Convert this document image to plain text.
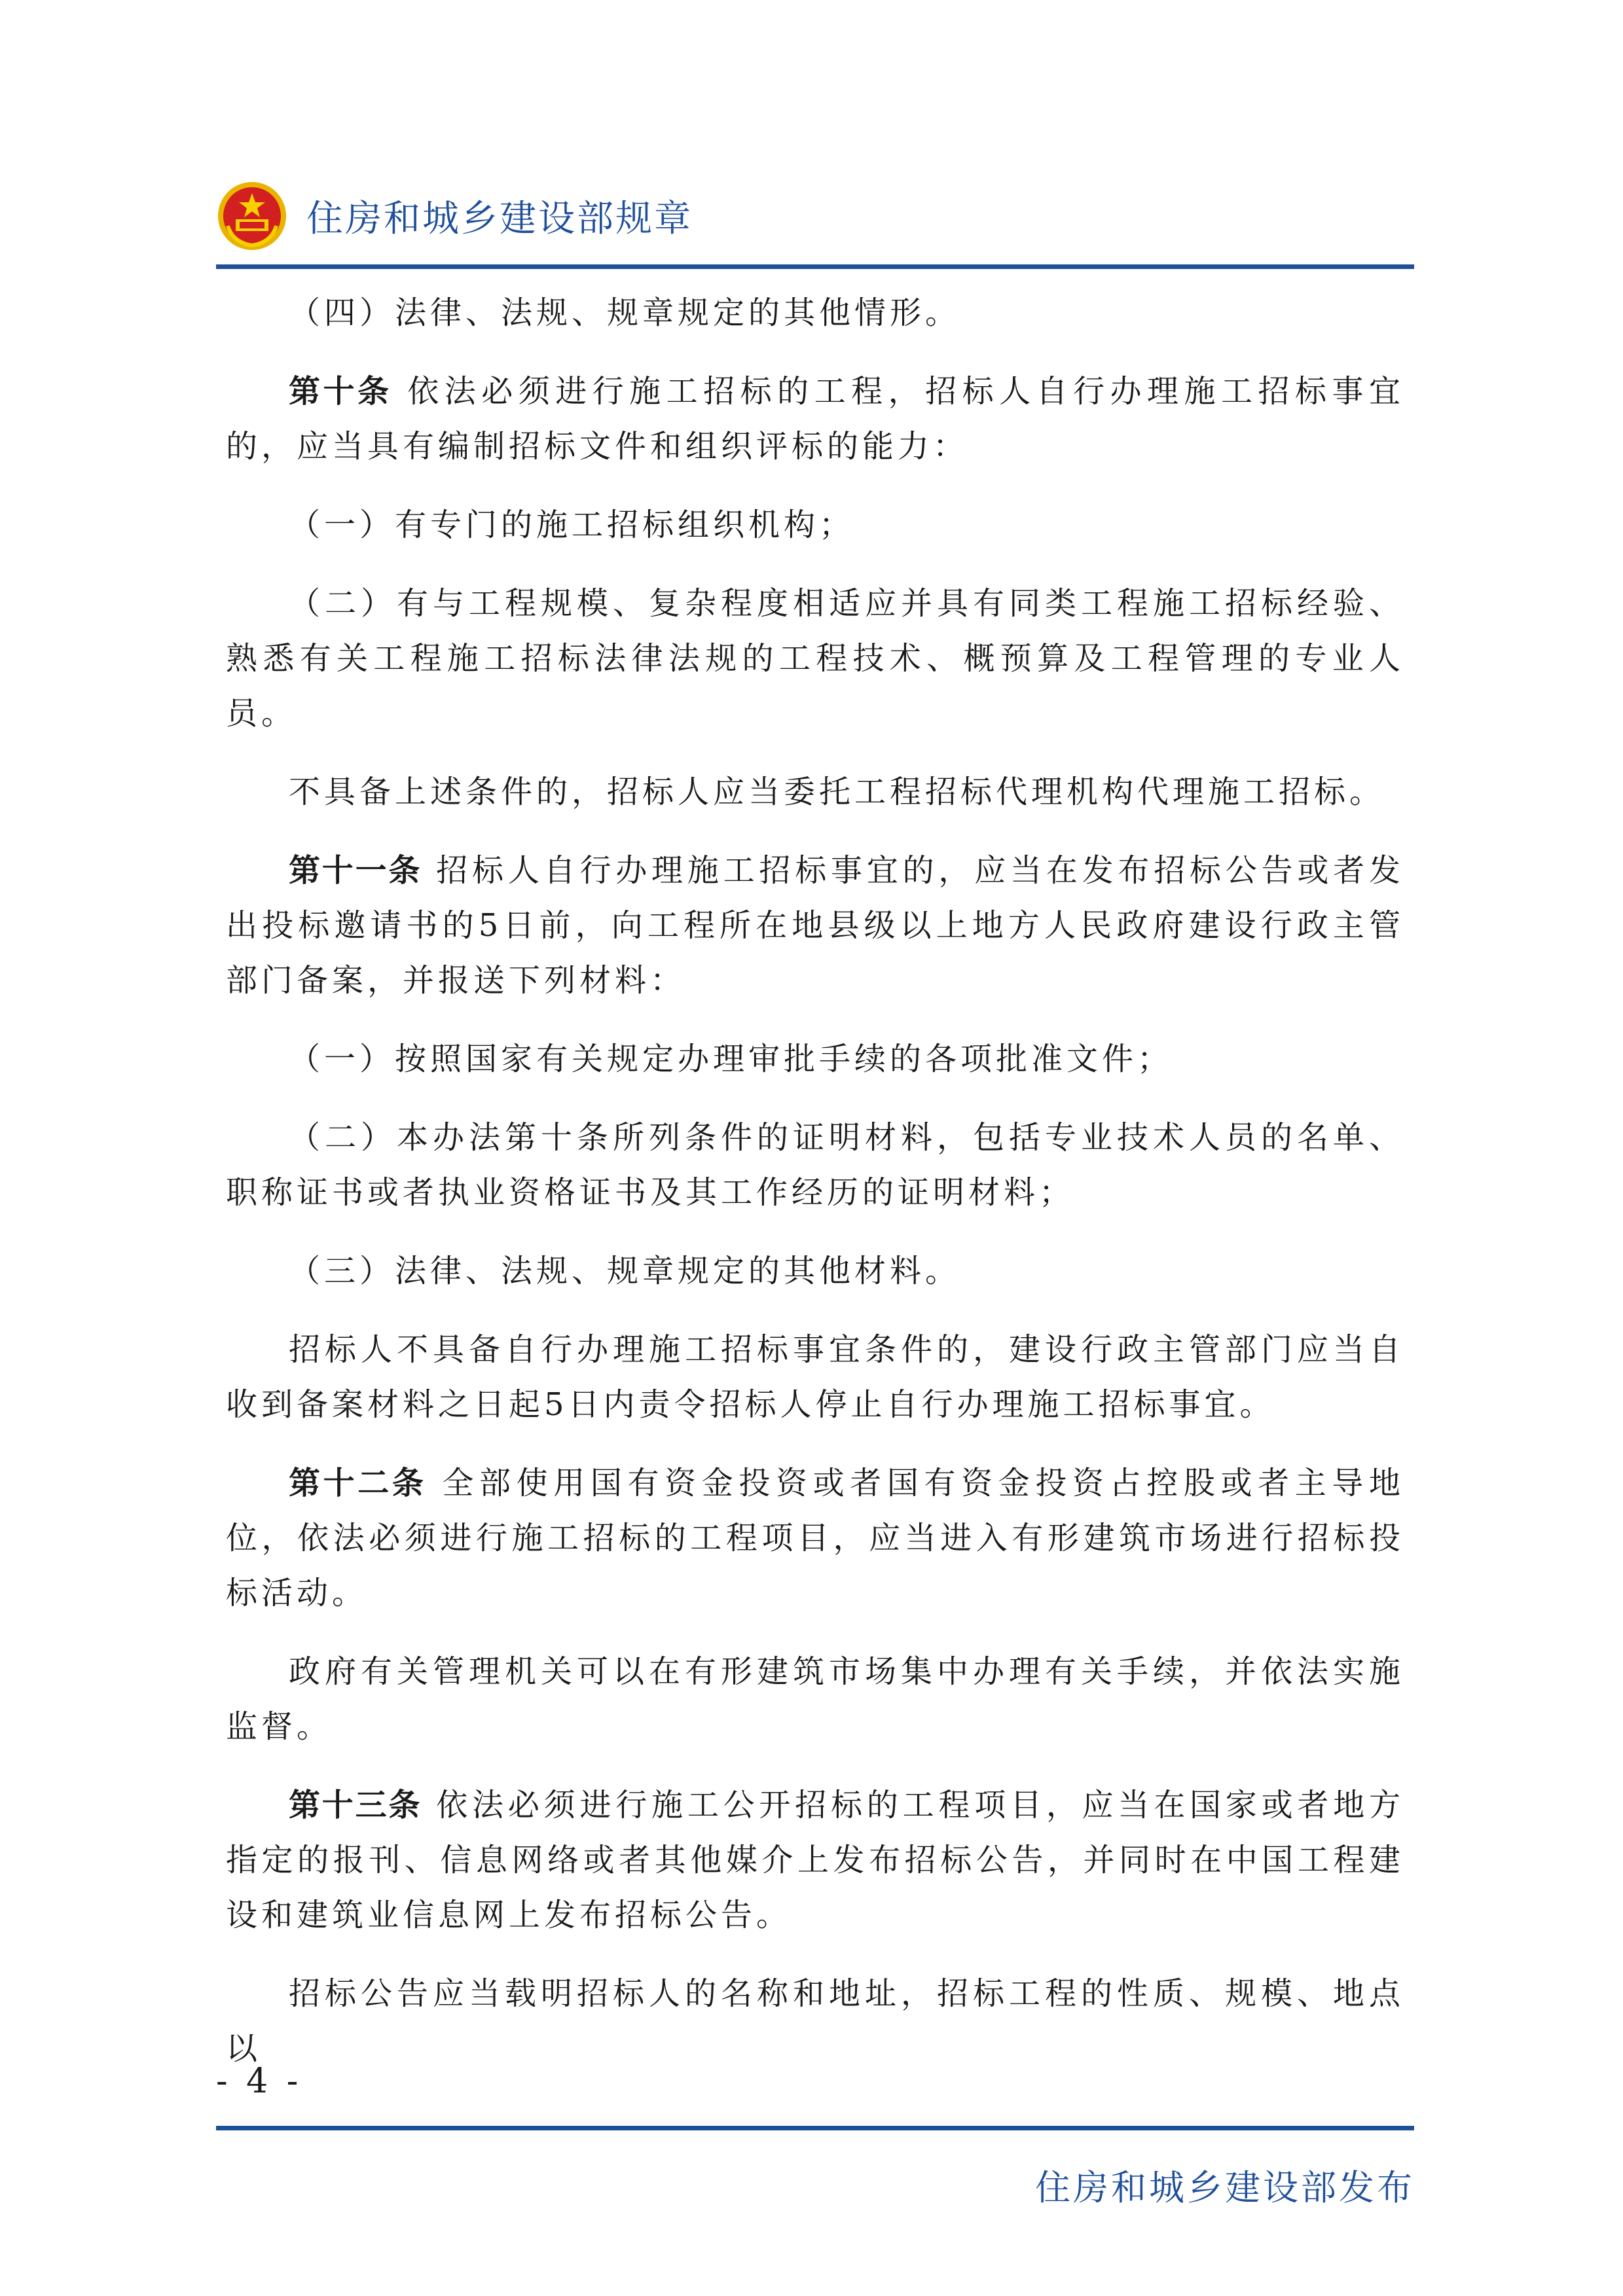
住房和城乡建设部规章

（四）法律、法规、规章规定的其他情形。

第十条 依法必须进行施工招标的工程，招标人自行办理施工招标事宜的，应当具有编制招标文件和组织评标的能力：

（一）有专门的施工招标组织机构；

（二）有与工程规模、复杂程度相适应并具有同类工程施工招标经验、熟悉有关工程施工招标法律法规的工程技术、概预算及工程管理的专业人员。

不具备上述条件的，招标人应当委托工程招标代理机构代理施工招标。

第十一条 招标人自行办理施工招标事宜的，应当在发布招标公告或者发出投标邀请书的5日前，向工程所在地县级以上地方人民政府建设行政主管部门备案，并报送下列材料：

（一）按照国家有关规定办理审批手续的各项批准文件；

（二）本办法第十条所列条件的证明材料，包括专业技术人员的名单、职称证书或者执业资格证书及其工作经历的证明材料；

（三）法律、法规、规章规定的其他材料。

招标人不具备自行办理施工招标事宜条件的，建设行政主管部门应当自收到备案材料之日起5日内责令招标人停止自行办理施工招标事宜。

第十二条 全部使用国有资金投资或者国有资金投资占控股或者主导地位，依法必须进行施工招标的工程项目，应当进入有形建筑市场进行招标投标活动。

政府有关管理机关可以在有形建筑市场集中办理有关手续，并依法实施监督。

第十三条 依法必须进行施工公开招标的工程项目，应当在国家或者地方指定的报刊、信息网络或者其他媒介上发布招标公告，并同时在中国工程建设和建筑业信息网上发布招标公告。

招标公告应当载明招标人的名称和地址，招标工程的性质、规模、地点以

- 4 -
住房和城乡建设部发布
